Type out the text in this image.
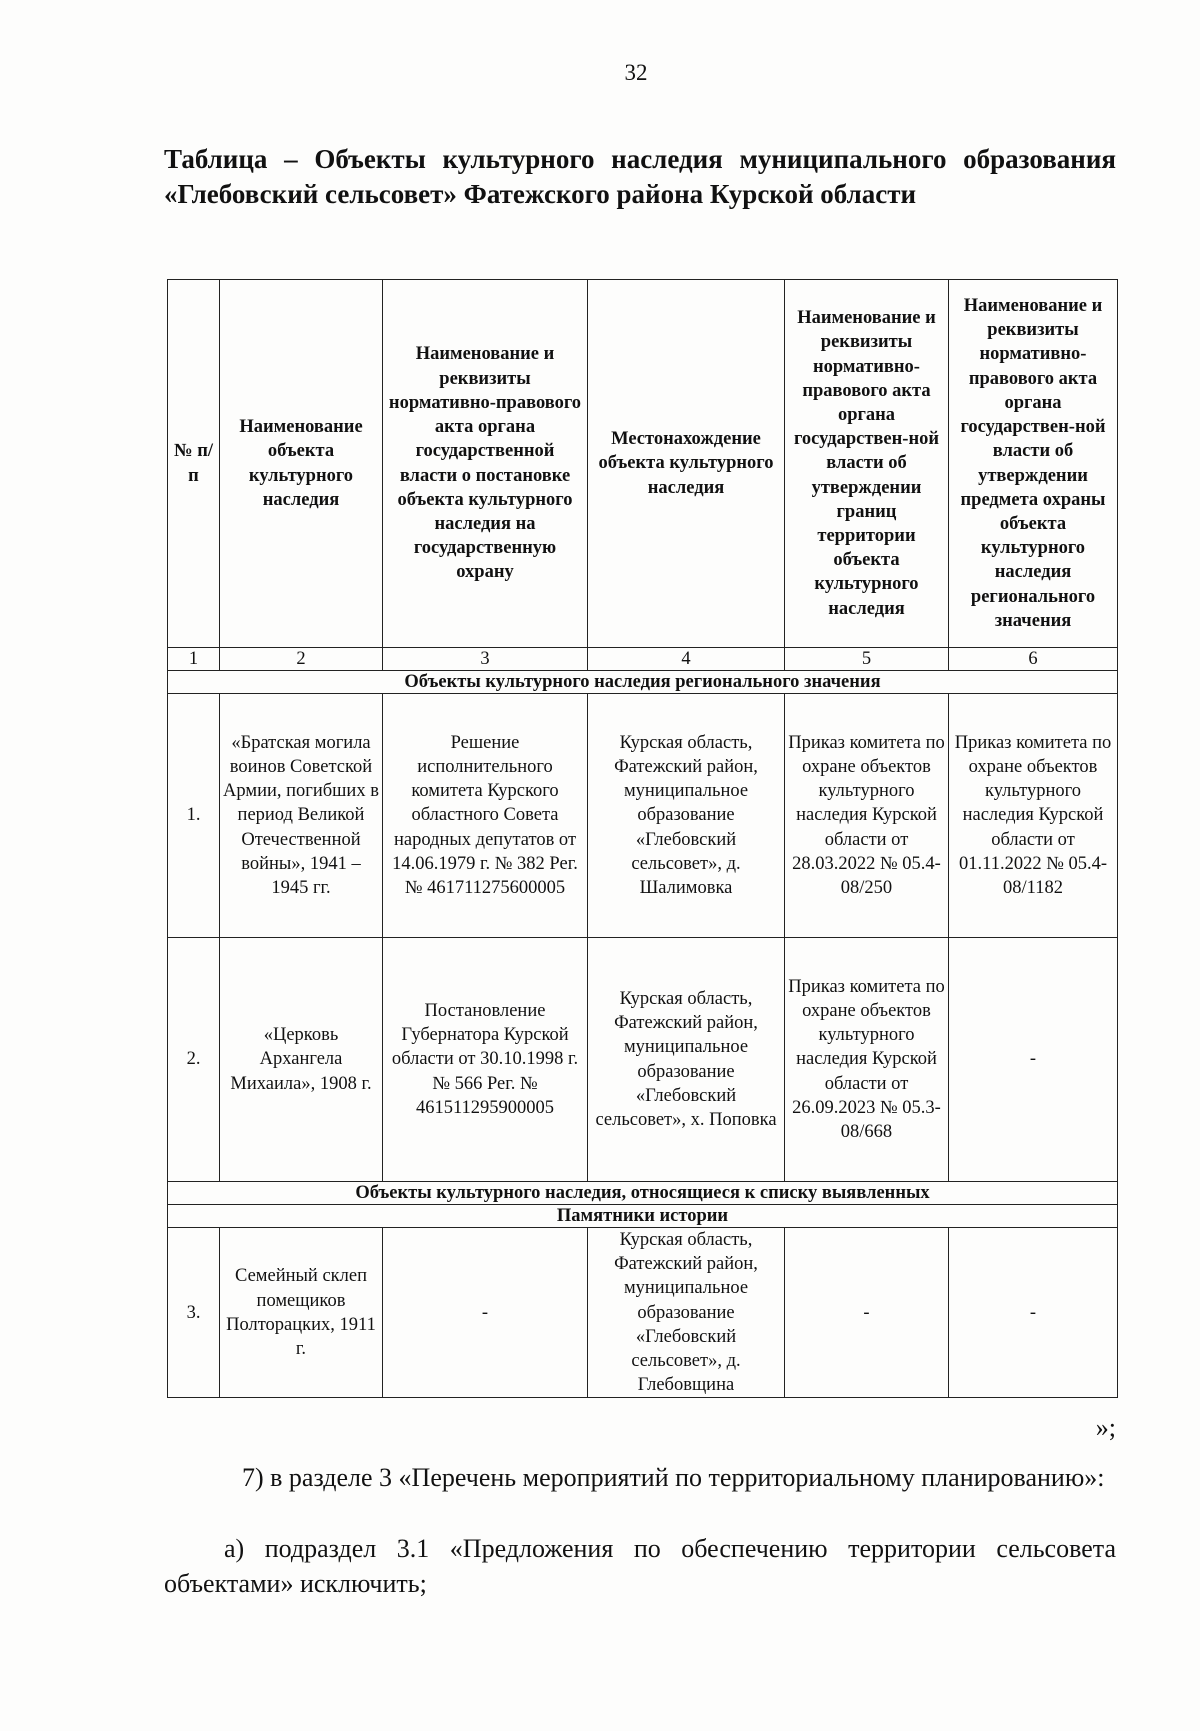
32
Таблица – Объекты культурного наследия муниципального образования «Глебовский сельсовет» Фатежского района Курской области
№ п/п	Наименование объекта культурного наследия	Наименование и реквизиты нормативно-правового акта органа государственной власти о постановке объекта культурного наследия на государственную охрану	Местонахождение объекта культурного наследия	Наименование и реквизиты нормативно-правового акта органа государствен-ной власти об утверждении границ территории объекта культурного наследия	Наименование и реквизиты нормативно-правового акта органа государствен-ной власти об утверждении предмета охраны объекта культурного наследия регионального значения
1	2	3	4	5	6
Объекты культурного наследия регионального значения					
1.	«Братская могила воинов Советской Армии, погибших в период Великой Отечественной войны», 1941 – 1945 гг.	Решение исполнительного комитета Курского областного Совета народных депутатов от 14.06.1979 г. № 382 Рег. № 461711275600005	Курская область, Фатежский район, муниципальное образование «Глебовский сельсовет», д. Шалимовка	Приказ комитета по охране объектов культурного наследия Курской области от 28.03.2022 № 05.4-08/250	Приказ комитета по охране объектов культурного наследия Курской области от 01.11.2022 № 05.4-08/1182
2.	«Церковь Архангела Михаила», 1908 г.	Постановление Губернатора Курской области от 30.10.1998 г. № 566 Рег. № 461511295900005	Курская область, Фатежский район, муниципальное образование «Глебовский сельсовет», х. Поповка	Приказ комитета по охране объектов культурного наследия Курской области от 26.09.2023 № 05.3-08/668	-
Объекты культурного наследия, относящиеся к списку выявленных					
Памятники истории					
3.	Семейный склеп помещиков Полторацких, 1911 г.	-	Курская область, Фатежский район, муниципальное образование «Глебовский сельсовет», д. Глебовщина	-	-
»;
7) в разделе 3 «Перечень мероприятий по территориальному планированию»:
а) подраздел 3.1 «Предложения по обеспечению территории сельсовета объектами» исключить;
